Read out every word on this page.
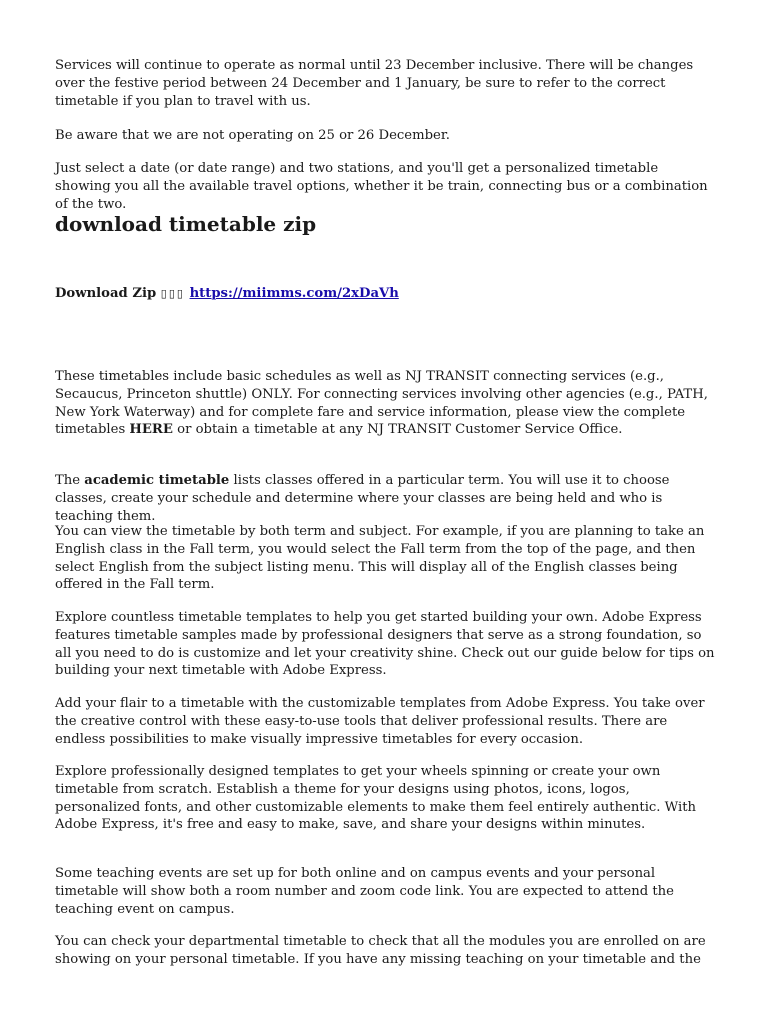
Services will continue to operate as normal until 23 December inclusive. There will be changes over the festive period between 24 December and 1 January, be sure to refer to the correct timetable if you plan to travel with us.

Be aware that we are not operating on 25 or 26 December.

Just select a date (or date range) and two stations, and you'll get a personalized timetable showing you all the available travel options, whether it be train, connecting bus or a combination of the two.

download timetable zip
Download Zip ▯▯▯ https://miimms.com/2xDaVh

These timetables include basic schedules as well as NJ TRANSIT connecting services (e.g., Secaucus, Princeton shuttle) ONLY. For connecting services involving other agencies (e.g., PATH, New York Waterway) and for complete fare and service information, please view the complete timetables HERE or obtain a timetable at any NJ TRANSIT Customer Service Office.

The academic timetable lists classes offered in a particular term. You will use it to choose classes, create your schedule and determine where your classes are being held and who is teaching them.

You can view the timetable by both term and subject. For example, if you are planning to take an English class in the Fall term, you would select the Fall term from the top of the page, and then select English from the subject listing menu. This will display all of the English classes being offered in the Fall term.

Explore countless timetable templates to help you get started building your own. Adobe Express features timetable samples made by professional designers that serve as a strong foundation, so all you need to do is customize and let your creativity shine. Check out our guide below for tips on building your next timetable with Adobe Express.

Add your flair to a timetable with the customizable templates from Adobe Express. You take over the creative control with these easy-to-use tools that deliver professional results. There are endless possibilities to make visually impressive timetables for every occasion.

Explore professionally designed templates to get your wheels spinning or create your own timetable from scratch. Establish a theme for your designs using photos, icons, logos, personalized fonts, and other customizable elements to make them feel entirely authentic. With Adobe Express, it's free and easy to make, save, and share your designs within minutes.

Some teaching events are set up for both online and on campus events and your personal timetable will show both a room number and zoom code link. You are expected to attend the teaching event on campus.

You can check your departmental timetable to check that all the modules you are enrolled on are showing on your personal timetable. If you have any missing teaching on your timetable and the
